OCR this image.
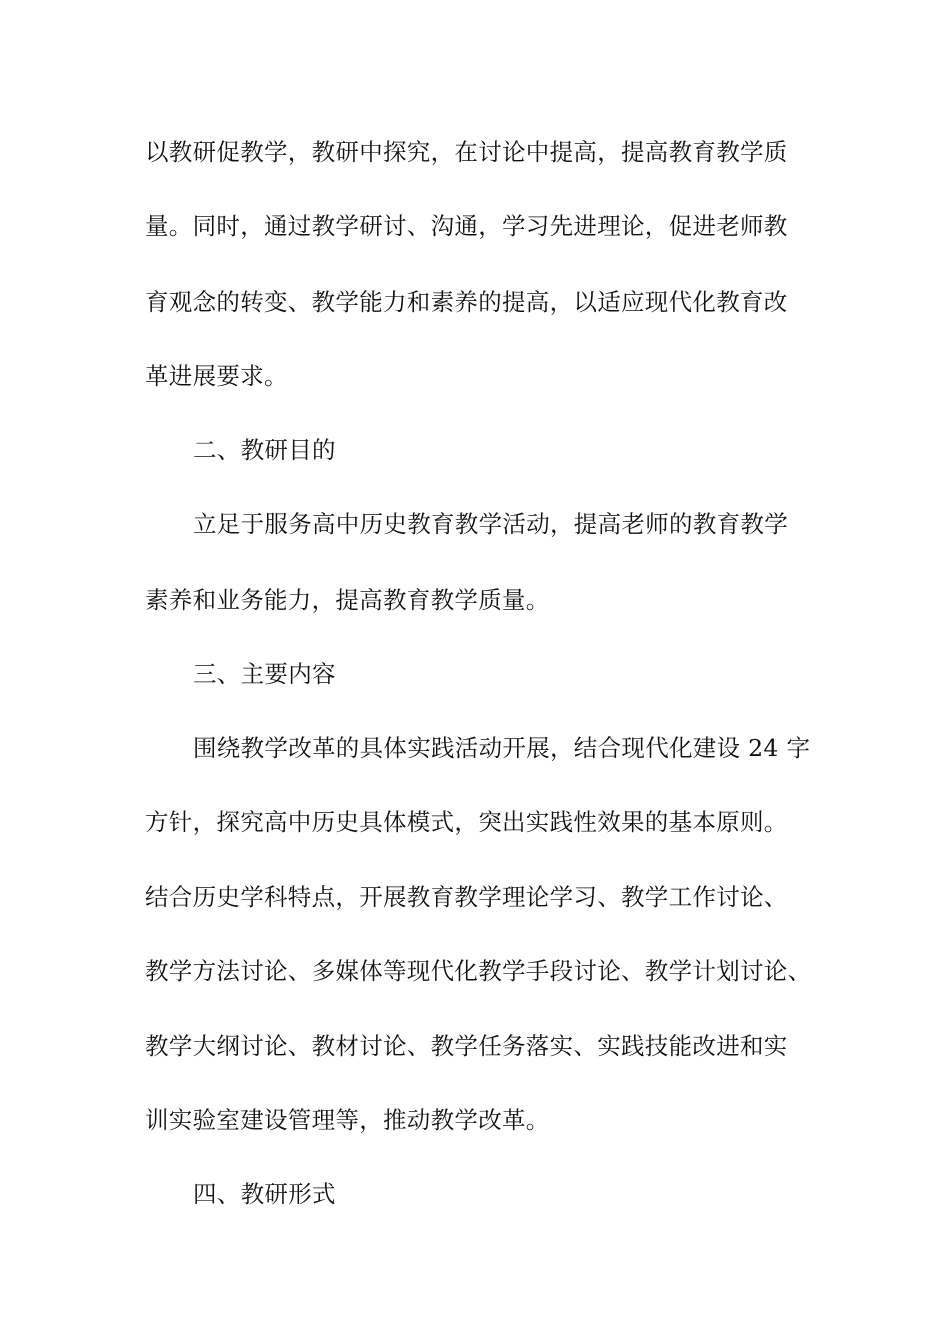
以教研促教学，教研中探究，在讨论中提高，提高教育教学质
量。同时，通过教学研讨、沟通，学习先进理论，促进老师教
育观念的转变、教学能力和素养的提高，以适应现代化教育改
革进展要求。
二、教研目的
立足于服务高中历史教育教学活动，提高老师的教育教学
素养和业务能力，提高教育教学质量。
三、主要内容
围绕教学改革的具体实践活动开展，结合现代化建设 24 字
方针，探究高中历史具体模式，突出实践性效果的基本原则。
结合历史学科特点，开展教育教学理论学习、教学工作讨论、
教学方法讨论、多媒体等现代化教学手段讨论、教学计划讨论、
教学大纲讨论、教材讨论、教学任务落实、实践技能改进和实
训实验室建设管理等，推动教学改革。
四、教研形式
